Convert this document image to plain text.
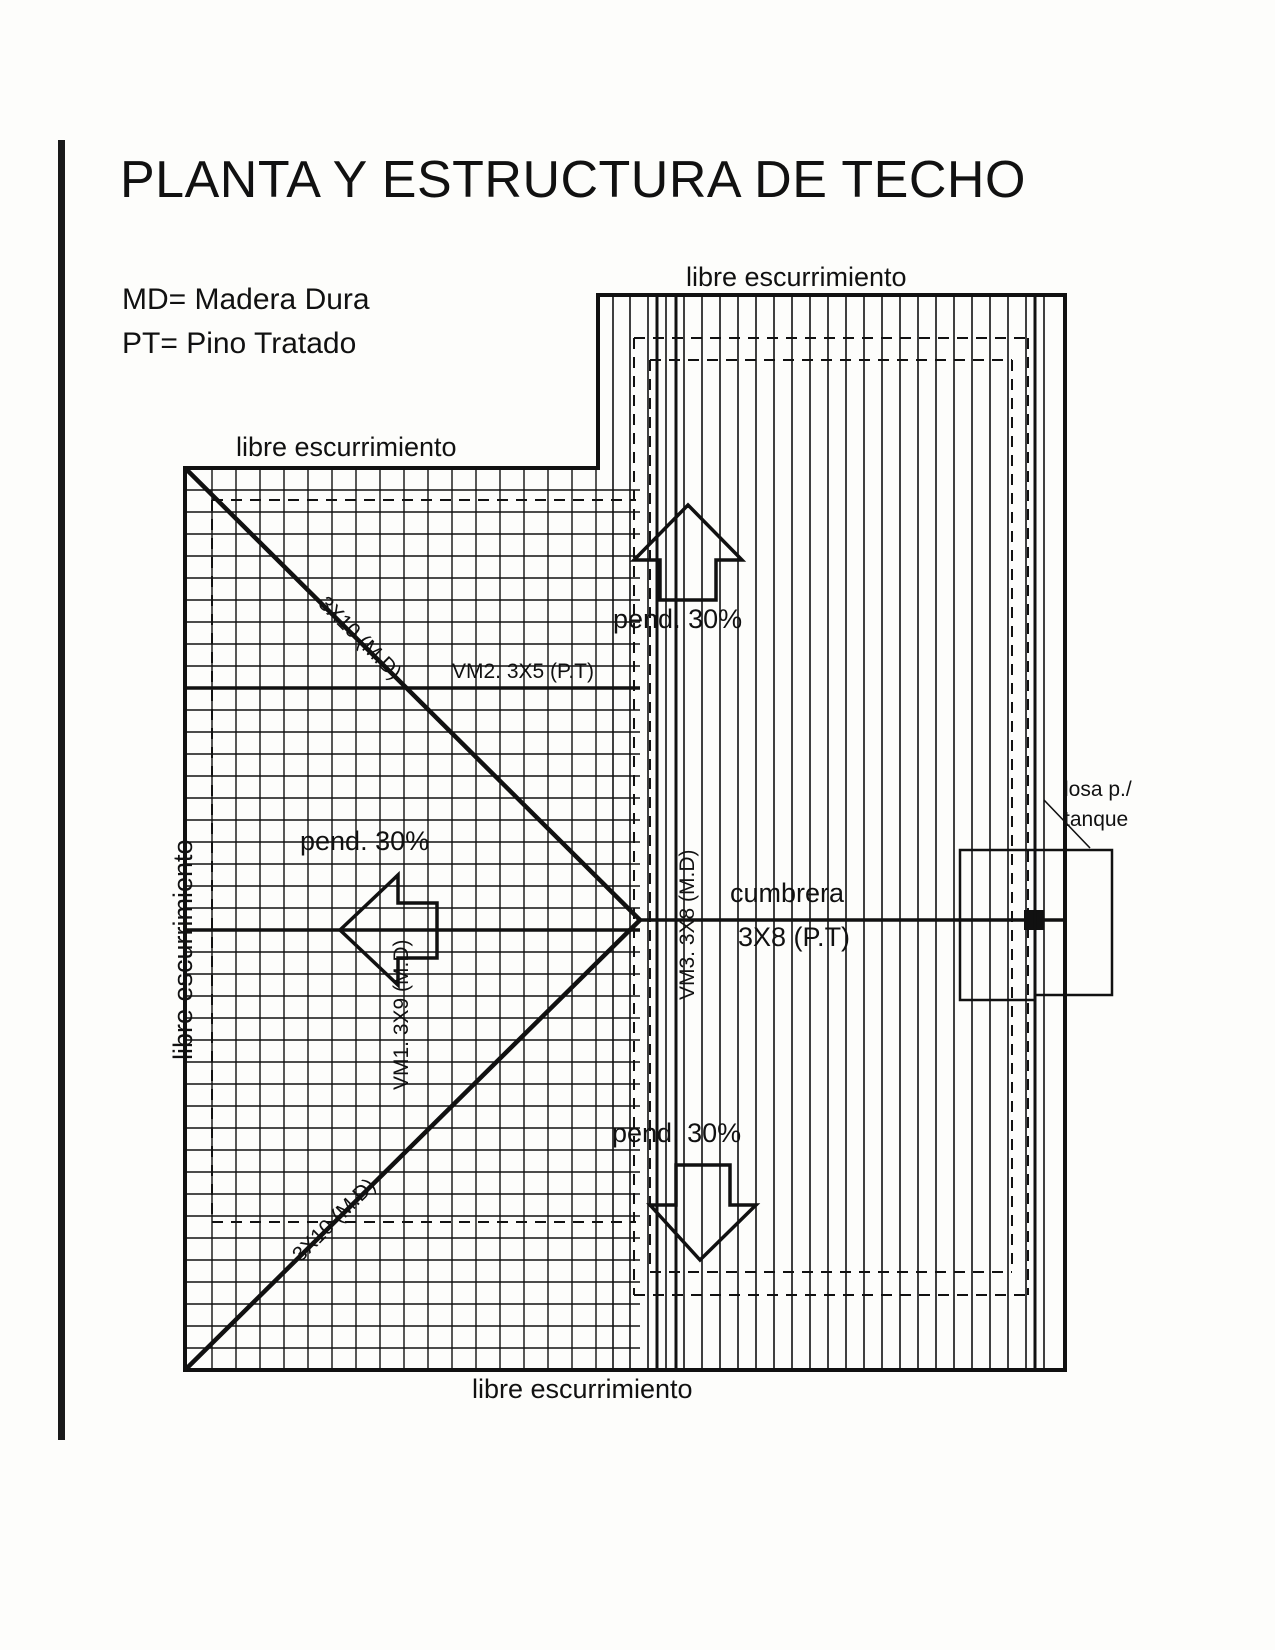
PLANTA Y ESTRUCTURA DE TECHO
MD= Madera Dura
PT= Pino Tratado
libre escurrimiento
libre escurrimiento
libre escurrimiento
libre escurrimiento
pend. 30%
pend. 30%
pend. 30%
cumbrera
3X8 (P.T)
VM2. 3X5 (P.T)
VM3. 3X8 (M.D)
VM1. 3X9 (M.D)
3X10 (M.D)
3X10 (M.D)
losa p./
tanque
